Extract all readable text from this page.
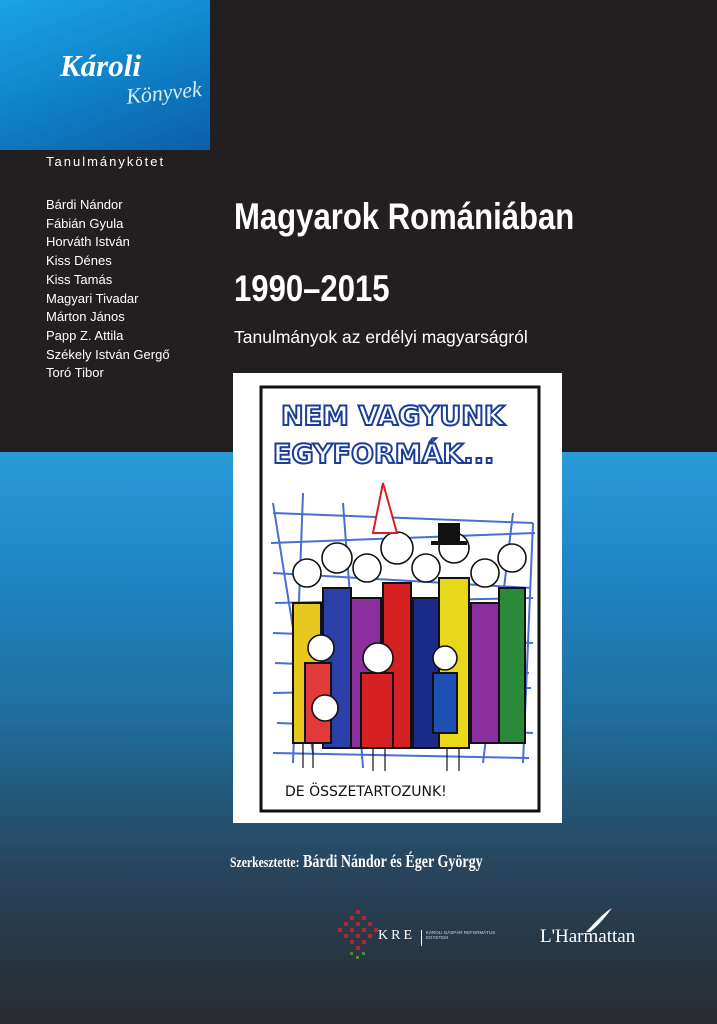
Károli
Könyvek
Tanulmánykötet
Bárdi Nándor
Fábián Gyula
Horváth István
Kiss Dénes
Kiss Tamás
Magyari Tivadar
Márton János
Papp Z. Attila
Székely István Gergő
Toró Tibor
Magyarok Romániában
1990–2015
Tanulmányok az erdélyi magyarságról
NEM VAGYUNK
EGYFORMÁK...
DE ÖSSZETARTOZUNK!
Szerkesztette: Bárdi Nándor és Éger György
KRE KÁROLI GÁSPÁR REFORMÁTUS EGYETEM	L'Harmattan
